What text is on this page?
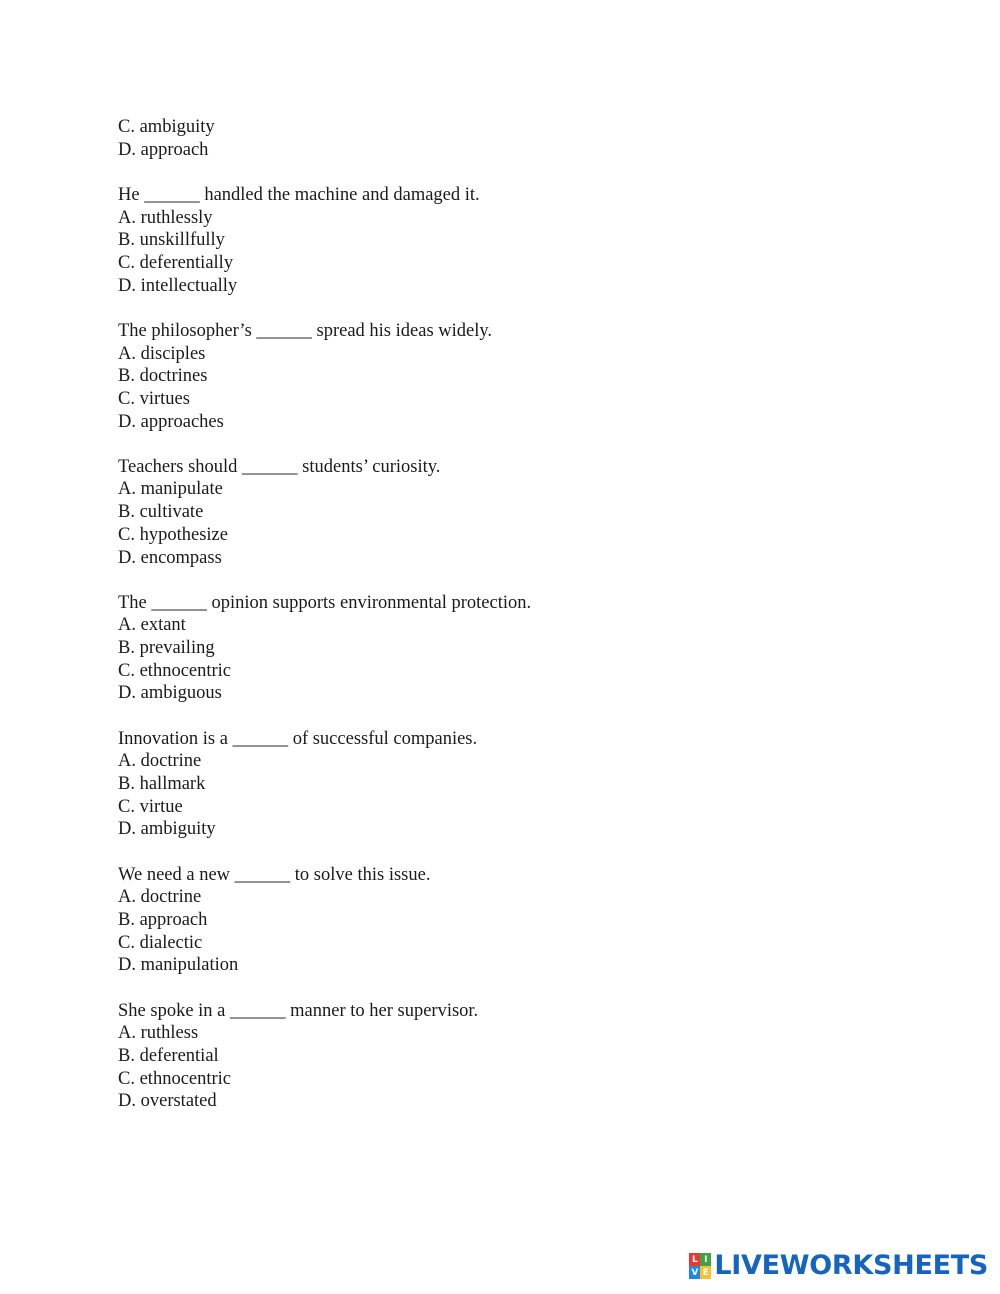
C. ambiguity
D. approach
He ______ handled the machine and damaged it.
A. ruthlessly
B. unskillfully
C. deferentially
D. intellectually
The philosopher’s ______ spread his ideas widely.
A. disciples
B. doctrines
C. virtues
D. approaches
Teachers should ______ students’ curiosity.
A. manipulate
B. cultivate
C. hypothesize
D. encompass
The ______ opinion supports environmental protection.
A. extant
B. prevailing
C. ethnocentric
D. ambiguous
Innovation is a ______ of successful companies.
A. doctrine
B. hallmark
C. virtue
D. ambiguity
We need a new ______ to solve this issue.
A. doctrine
B. approach
C. dialectic
D. manipulation
She spoke in a ______ manner to her supervisor.
A. ruthless
B. deferential
C. ethnocentric
D. overstated
L I
V E LIVEWORKSHEETS
